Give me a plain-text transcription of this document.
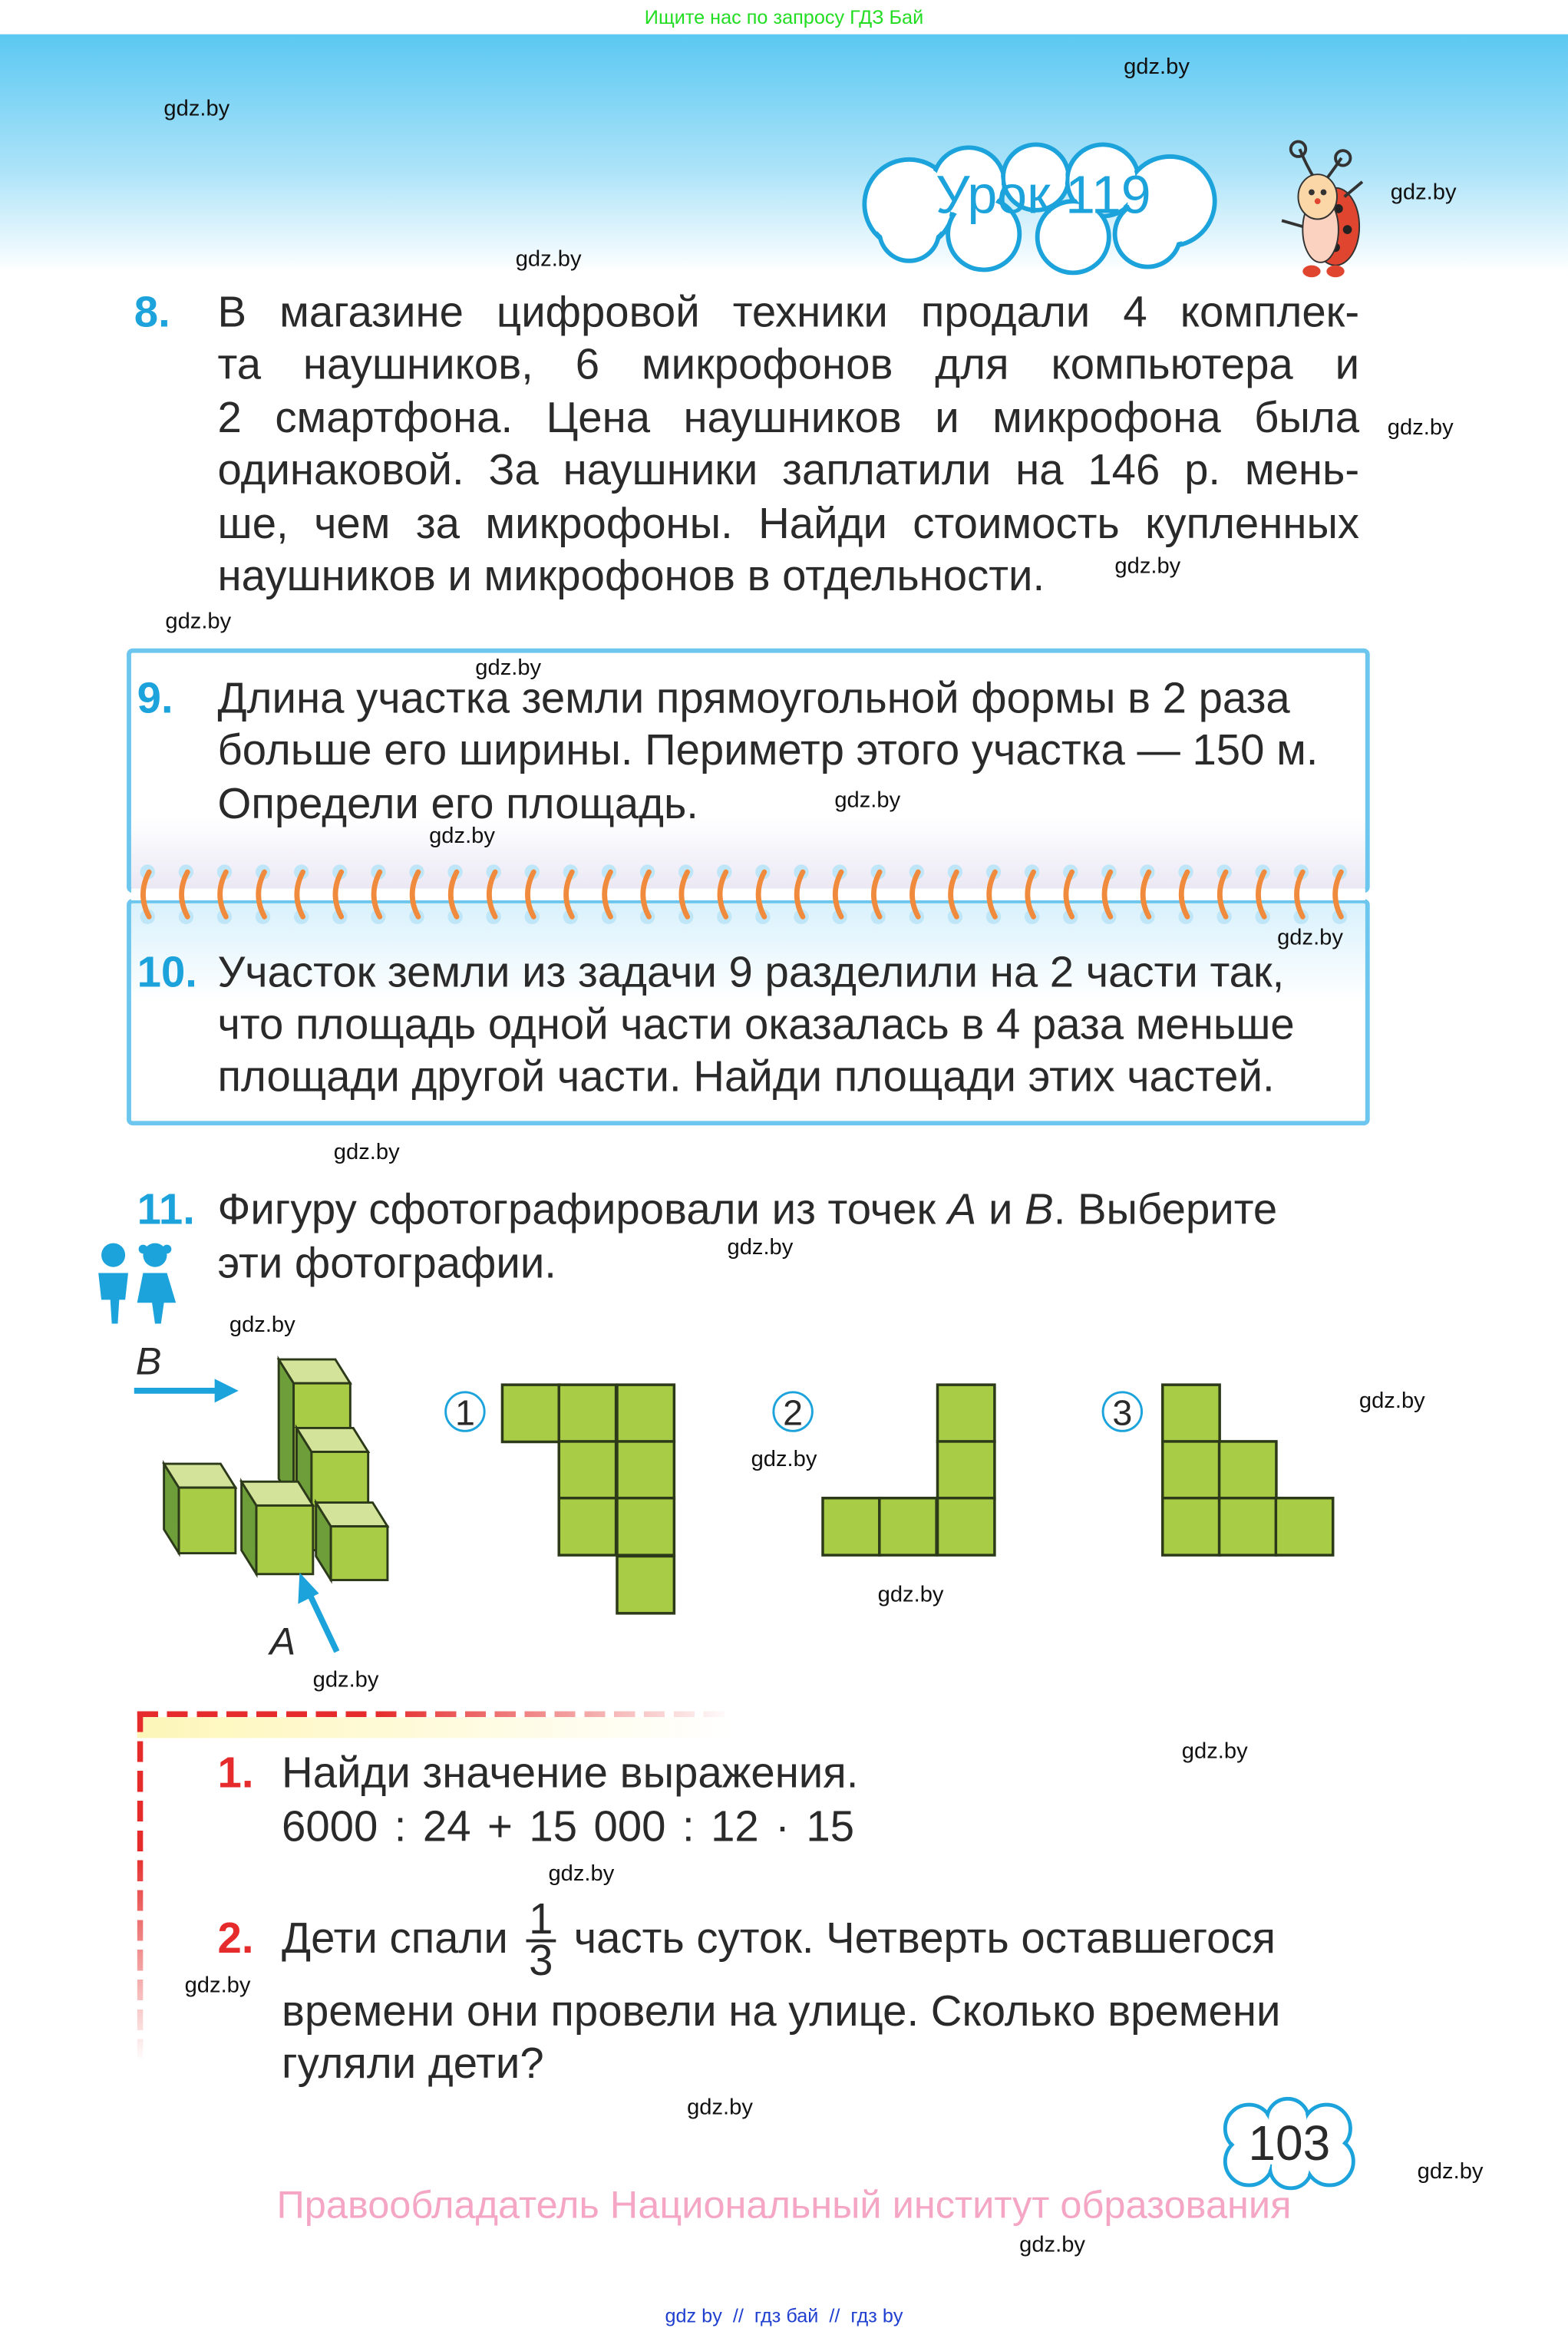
Ищите нас по запросу ГДЗ Бай
Урок 119
8. В магазине цифровой техники продали 4 комплек-
та наушников, 6 микрофонов для компьютера и
2 смартфона. Цена наушников и микрофона была
одинаковой. За наушники заплатили на 146 р. мень-
ше, чем за микрофоны. Найди стоимость купленных
наушников и микрофонов в отдельности.
9. Длина участка земли прямоугольной формы в 2 раза
больше его ширины. Периметр этого участка — 150 м.
Определи его площадь.
10. Участок земли из задачи 9 разделили на 2 части так,
что площадь одной части оказалась в 4 раза меньше
площади другой части. Найди площади этих частей.
11. Фигуру сфотографировали из точек A и B. Выберите
эти фотографии.
B
A
1	2	3
1. Найди значение выражения.
6000 : 24 + 15 000 : 12 · 15
2. Дети спали $\frac{1}{3}$ часть суток. Четверть оставшегося
времени они провели на улице. Сколько времени
гуляли дети?
103
Правообладатель Национальный институт образования
gdz by  //  гдз бай  //  гдз by
gdz.by
gdz.by
gdz.by
gdz.by
gdz.by
gdz.by
gdz.by
gdz.by
gdz.by
gdz.by
gdz.by
gdz.by
gdz.by
gdz.by
gdz.by
gdz.by
gdz.by
gdz.by
gdz.by
gdz.by
gdz.by
gdz.by
gdz.by
gdz.by
